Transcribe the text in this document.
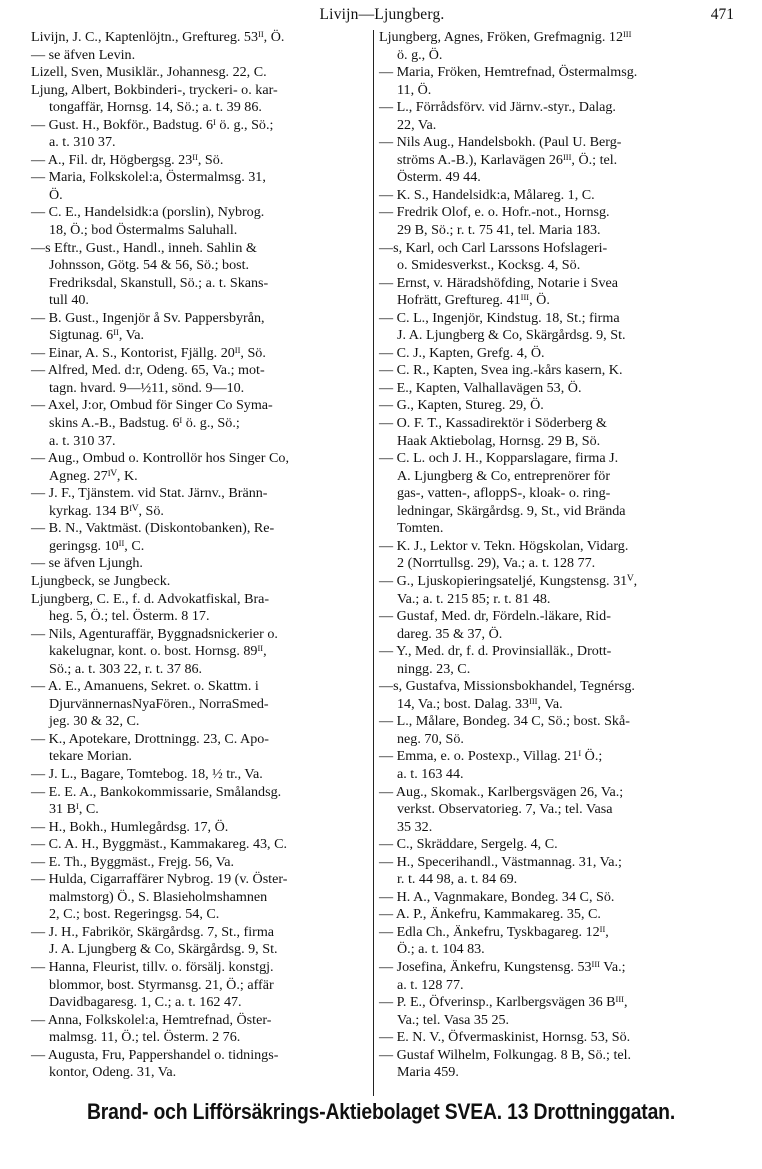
Livijn—Ljungberg.	471
Livijn, J. C., Kaptenlöjtn., Greftureg. 53ᴵᴵ, Ö.
— se äfven Levin.
Lizell, Sven, Musiklär., Johannesg. 22, C.
Ljung, Albert, Bokbinderi-, tryckeri- o. kar-
tongaffär, Hornsg. 14, Sö.; a. t. 39 86.
— Gust. H., Bokför., Badstug. 6ᴵ ö. g., Sö.;
a. t. 310 37.
— A., Fil. dr, Högbergsg. 23ᴵᴵ, Sö.
— Maria, Folkskolel:a, Östermalmsg. 31,
Ö.
— C. E., Handelsidk:a (porslin), Nybrog.
18, Ö.; bod Östermalms Saluhall.
—s Eftr., Gust., Handl., inneh. Sahlin &
Johnsson, Götg. 54 & 56, Sö.; bost.
Fredriksdal, Skanstull, Sö.; a. t. Skans-
tull 40.
— B. Gust., Ingenjör å Sv. Pappersbyrån,
Sigtunag. 6ᴵᴵ, Va.
— Einar, A. S., Kontorist, Fjällg. 20ᴵᴵ, Sö.
— Alfred, Med. d:r, Odeng. 65, Va.; mot-
tagn. hvard. 9—½11, sönd. 9—10.
— Axel, J:or, Ombud för Singer Co Syma-
skins A.-B., Badstug. 6ᴵ ö. g., Sö.;
a. t. 310 37.
— Aug., Ombud o. Kontrollör hos Singer Co,
Agneg. 27ᴵⱽ, K.
— J. F., Tjänstem. vid Stat. Järnv., Bränn-
kyrkag. 134 Bᴵⱽ, Sö.
— B. N., Vaktmäst. (Diskontobanken), Re-
geringsg. 10ᴵᴵ, C.
— se äfven Ljungh.
Ljungbeck, se Jungbeck.
Ljungberg, C. E., f. d. Advokatfiskal, Bra-
heg. 5, Ö.; tel. Österm. 8 17.
— Nils, Agenturaffär, Byggnadsnickerier o.
kakelugnar, kont. o. bost. Hornsg. 89ᴵᴵ,
Sö.; a. t. 303 22, r. t. 37 86.
— A. E., Amanuens, Sekret. o. Skattm. i
DjurvännernasNyaFören., NorraSmed-
jeg. 30 & 32, C.
— K., Apotekare, Drottningg. 23, C. Apo-
tekare Morian.
— J. L., Bagare, Tomtebog. 18, ½ tr., Va.
— E. E. A., Bankokommissarie, Smålandsg.
31 Bᴵ, C.
— H., Bokh., Humlegårdsg. 17, Ö.
— C. A. H., Byggmäst., Kammakareg. 43, C.
— E. Th., Byggmäst., Frejg. 56, Va.
— Hulda, Cigarraffärer Nybrog. 19 (v. Öster-
malmstorg) Ö., S. Blasieholmshamnen
2, C.; bost. Regeringsg. 54, C.
— J. H., Fabrikör, Skärgårdsg. 7, St., firma
J. A. Ljungberg & Co, Skärgårdsg. 9, St.
— Hanna, Fleurist, tillv. o. försälj. konstgj.
blommor, bost. Styrmansg. 21, Ö.; affär
Davidbagaresg. 1, C.; a. t. 162 47.
— Anna, Folkskolel:a, Hemtrefnad, Öster-
malmsg. 11, Ö.; tel. Österm. 2 76.
— Augusta, Fru, Pappershandel o. tidnings-
kontor, Odeng. 31, Va.
Ljungberg, Agnes, Fröken, Grefmagnig. 12ᴵᴵᴵ
ö. g., Ö.
— Maria, Fröken, Hemtrefnad, Östermalmsg.
11, Ö.
— L., Förrådsförv. vid Järnv.-styr., Dalag.
22, Va.
— Nils Aug., Handelsbokh. (Paul U. Berg-
ströms A.-B.), Karlavägen 26ᴵᴵᴵ, Ö.; tel.
Österm. 49 44.
— K. S., Handelsidk:a, Målareg. 1, C.
— Fredrik Olof, e. o. Hofr.-not., Hornsg.
29 B, Sö.; r. t. 75 41, tel. Maria 183.
—s, Karl, och Carl Larssons Hofslageri-
o. Smidesverkst., Kocksg. 4, Sö.
— Ernst, v. Häradshöfding, Notarie i Svea
Hofrätt, Greftureg. 41ᴵᴵᴵ, Ö.
— C. L., Ingenjör, Kindstug. 18, St.; firma
J. A. Ljungberg & Co, Skärgårdsg. 9, St.
— C. J., Kapten, Grefg. 4, Ö.
— C. R., Kapten, Svea ing.-kårs kasern, K.
— E., Kapten, Valhallavägen 53, Ö.
— G., Kapten, Stureg. 29, Ö.
— O. F. T., Kassadirektör i Söderberg &
Haak Aktiebolag, Hornsg. 29 B, Sö.
— C. L. och J. H., Kopparslagare, firma J.
A. Ljungberg & Co, entreprenörer för
gas-, vatten-, afloppS-, kloak- o. ring-
ledningar, Skärgårdsg. 9, St., vid Brända
Tomten.
— K. J., Lektor v. Tekn. Högskolan, Vidarg.
2 (Norrtullsg. 29), Va.; a. t. 128 77.
— G., Ljuskopieringsatelјé, Kungstensg. 31ⱽ,
Va.; a. t. 215 85; r. t. 81 48.
— Gustaf, Med. dr, Fördeln.-läkare, Rid-
dareg. 35 & 37, Ö.
— Y., Med. dr, f. d. Provinsialläk., Drott-
ningg. 23, C.
—s, Gustafva, Missionsbokhandel, Tegnérsg.
14, Va.; bost. Dalag. 33ᴵᴵᴵ, Va.
— L., Målare, Bondeg. 34 C, Sö.; bost. Skå-
neg. 70, Sö.
— Emma, e. o. Postexp., Villag. 21ᴵ Ö.;
a. t. 163 44.
— Aug., Skomak., Karlbergsvägen 26, Va.;
verkst. Observatorieg. 7, Va.; tel. Vasa
35 32.
— C., Skräddare, Sergelg. 4, C.
— H., Specerihandl., Västmannag. 31, Va.;
r. t. 44 98, a. t. 84 69.
— H. A., Vagnmakare, Bondeg. 34 C, Sö.
— A. P., Änkefru, Kammakareg. 35, C.
— Edla Ch., Änkefru, Tyskbagareg. 12ᴵᴵ,
Ö.; a. t. 104 83.
— Josefina, Änkefru, Kungstensg. 53ᴵᴵᴵ Va.;
a. t. 128 77.
— P. E., Öfverinsp., Karlbergsvägen 36 Bᴵᴵᴵ,
Va.; tel. Vasa 35 25.
— E. N. V., Öfvermaskinist, Hornsg. 53, Sö.
— Gustaf Wilhelm, Folkungag. 8 B, Sö.; tel.
Maria 459.
Brand- och Lifförsäkrings-Aktiebolaget SVEA. 13 Drottninggatan.
